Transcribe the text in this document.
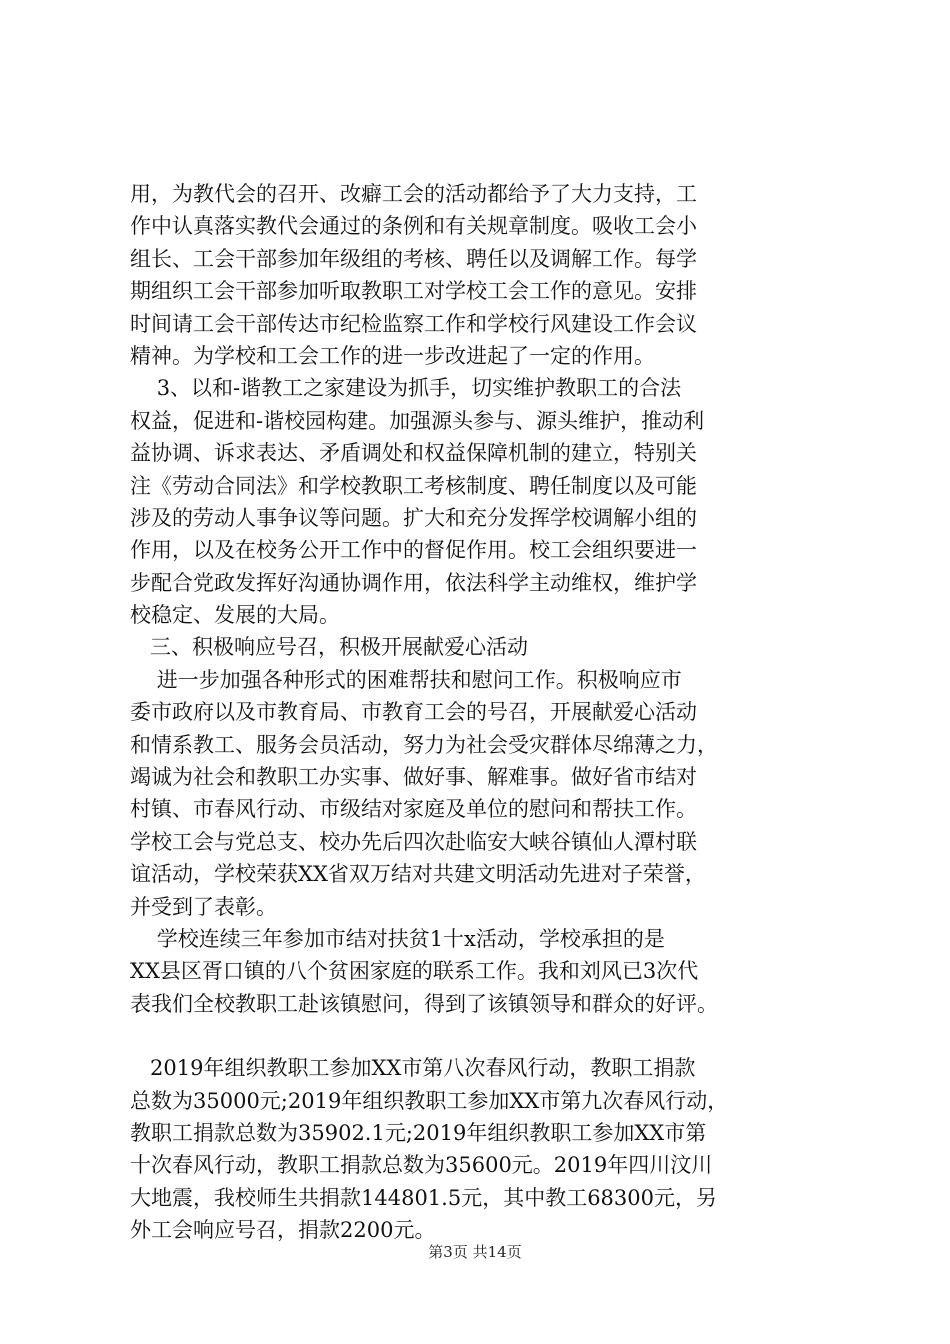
用，为教代会的召开、改癖工会的活动都给予了大力支持，工
作中认真落实教代会通过的条例和有关规章制度。吸收工会小
组长、工会干部参加年级组的考核、聘任以及调解工作。每学
期组织工会干部参加听取教职工对学校工会工作的意见。安排
时间请工会干部传达市纪检监察工作和学校行风建设工作会议
精神。为学校和工会工作的进一步改进起了一定的作用。
3、以和-谐教工之家建设为抓手，切实维护教职工的合法
权益，促进和-谐校园构建。加强源头参与、源头维护，推动利
益协调、诉求表达、矛盾调处和权益保障机制的建立，特别关
注《劳动合同法》和学校教职工考核制度、聘任制度以及可能
涉及的劳动人事争议等问题。扩大和充分发挥学校调解小组的
作用，以及在校务公开工作中的督促作用。校工会组织要进一
步配合党政发挥好沟通协调作用，依法科学主动维权，维护学
校稳定、发展的大局。
三、积极响应号召，积极开展献爱心活动
进一步加强各种形式的困难帮扶和慰问工作。积极响应市
委市政府以及市教育局、市教育工会的号召，开展献爱心活动
和情系教工、服务会员活动，努力为社会受灾群体尽绵薄之力，
竭诚为社会和教职工办实事、做好事、解难事。做好省市结对
村镇、市春风行动、市级结对家庭及单位的慰问和帮扶工作。
学校工会与党总支、校办先后四次赴临安大峡谷镇仙人潭村联
谊活动，学校荣获XX省双万结对共建文明活动先进对子荣誉，
并受到了表彰。
学校连续三年参加市结对扶贫1十x活动，学校承担的是
XX县区胥口镇的八个贫困家庭的联系工作。我和刘风已3次代
表我们全校教职工赴该镇慰问，得到了该镇领导和群众的好评。
2019年组织教职工参加XX市第八次春风行动，教职工捐款
总数为35000元;2019年组织教职工参加XX市第九次春风行动，
教职工捐款总数为35902.1元;2019年组织教职工参加XX市第
十次春风行动，教职工捐款总数为35600元。2019年四川汶川
大地震，我校师生共捐款144801.5元，其中教工68300元，另
外工会响应号召，捐款2200元。
第3页 共14页
